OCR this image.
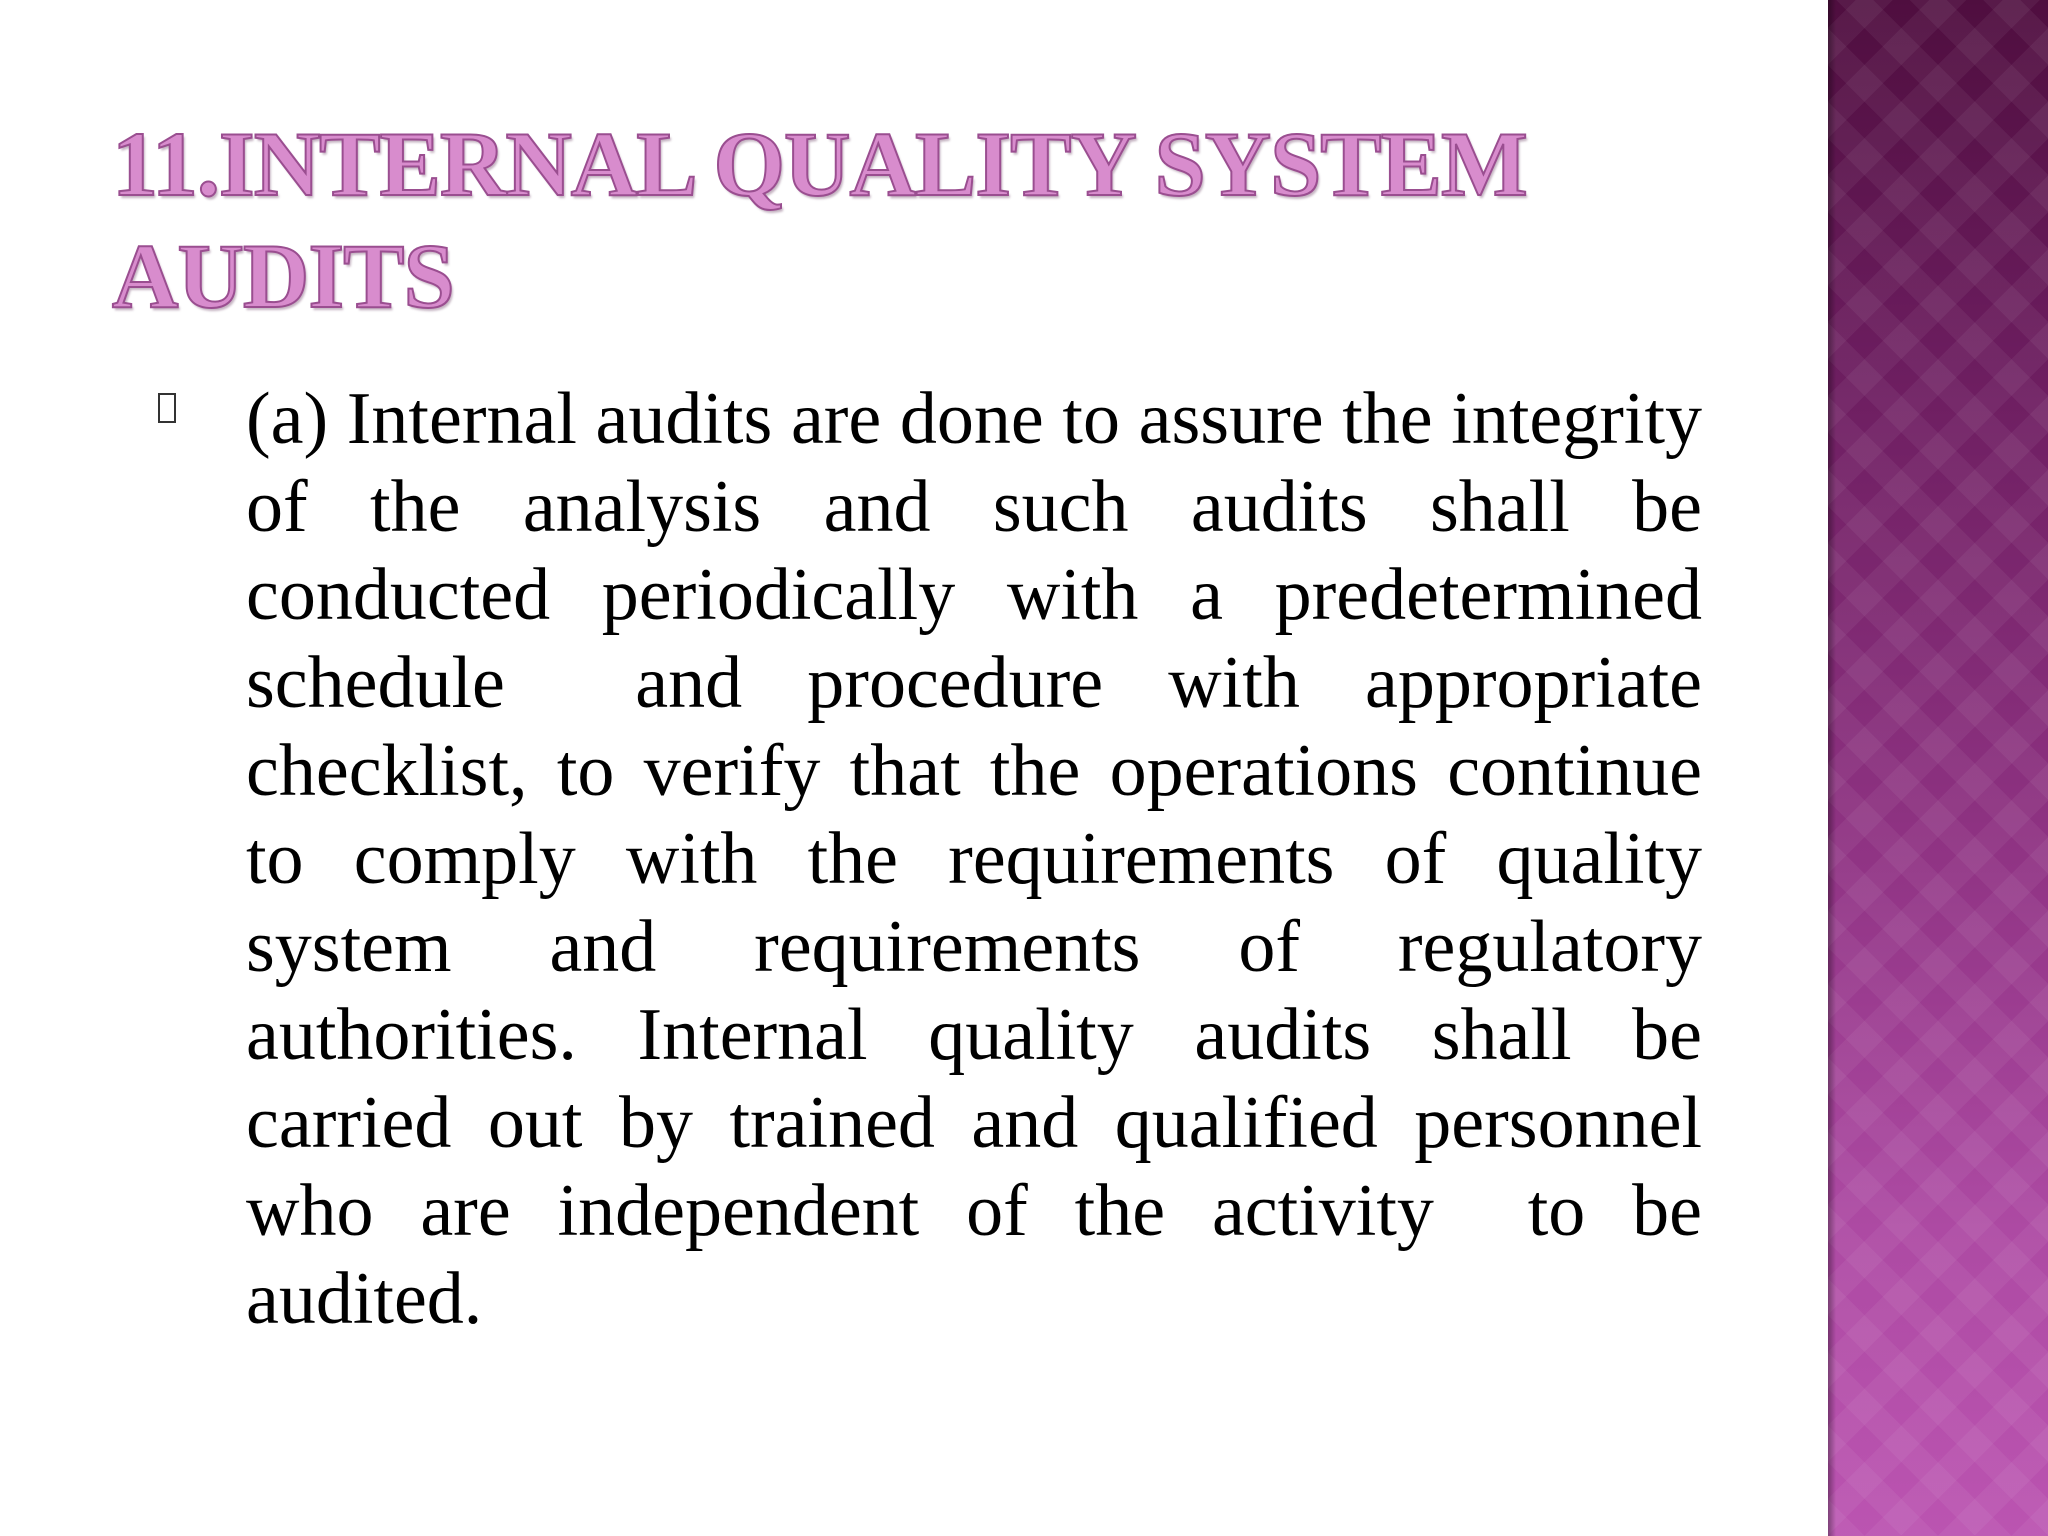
11.INTERNAL QUALITY SYSTEM AUDITS

(a) Internal audits are done to assure the integrity of the analysis and such audits shall be conducted periodically with a predetermined schedule  and procedure with appropriate checklist, to verify that the operations continue to comply with the requirements of quality system and requirements of regulatory authorities. Internal quality audits shall be carried out by trained and qualified personnel who are independent of the activity  to be audited.
